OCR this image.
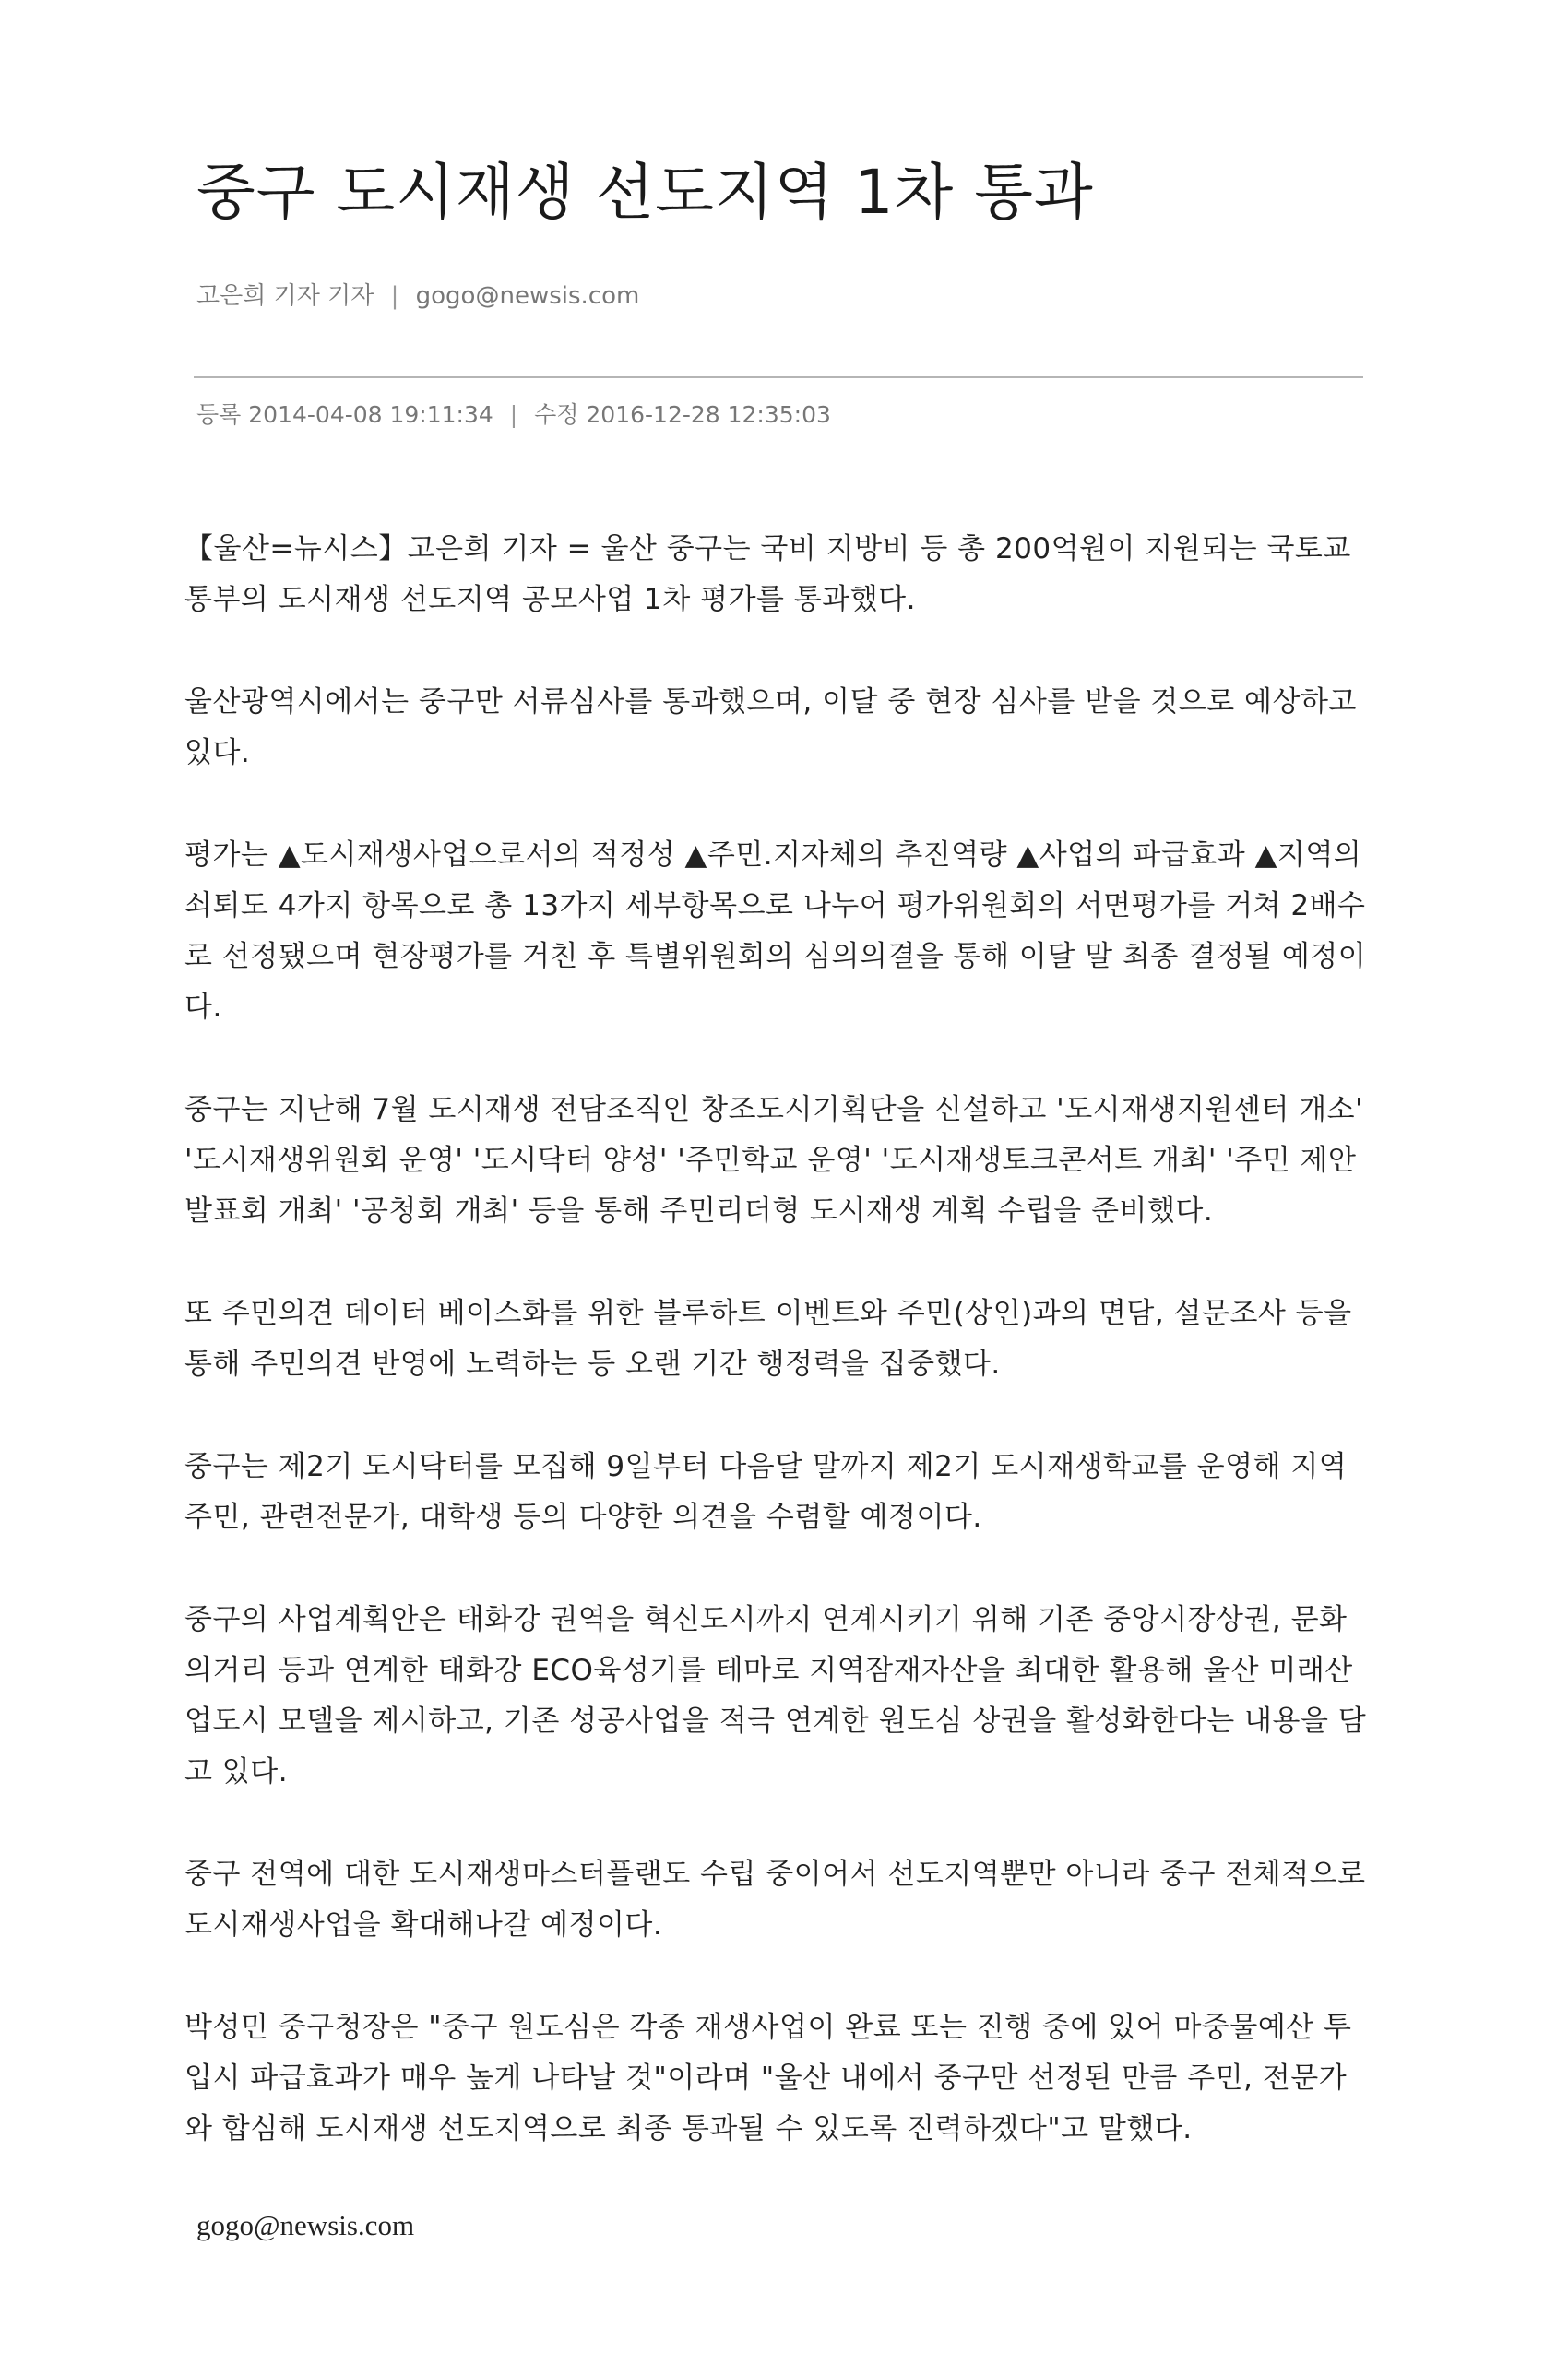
중구 도시재생 선도지역 1차 통과
고은희 기자 기자 | gogo@newsis.com
등록 2014-04-08 19:11:34 | 수정 2016-12-28 12:35:03

【울산=뉴시스】고은희 기자 = 울산 중구는 국비 지방비 등 총 200억원이 지원되는 국토교통부의 도시재생 선도지역 공모사업 1차 평가를 통과했다.

울산광역시에서는 중구만 서류심사를 통과했으며, 이달 중 현장 심사를 받을 것으로 예상하고 있다.

평가는 ▲도시재생사업으로서의 적정성 ▲주민.지자체의 추진역량 ▲사업의 파급효과 ▲지역의 쇠퇴도 4가지 항목으로 총 13가지 세부항목으로 나누어 평가위원회의 서면평가를 거쳐 2배수로 선정됐으며 현장평가를 거친 후 특별위원회의 심의의결을 통해 이달 말 최종 결정될 예정이다.

중구는 지난해 7월 도시재생 전담조직인 창조도시기획단을 신설하고 '도시재생지원센터 개소' '도시재생위원회 운영' '도시닥터 양성' '주민학교 운영' '도시재생토크콘서트 개최' '주민 제안발표회 개최' '공청회 개최' 등을 통해 주민리더형 도시재생 계획 수립을 준비했다.

또 주민의견 데이터 베이스화를 위한 블루하트 이벤트와 주민(상인)과의 면담, 설문조사 등을 통해 주민의견 반영에 노력하는 등 오랜 기간 행정력을 집중했다.

중구는 제2기 도시닥터를 모집해 9일부터 다음달 말까지 제2기 도시재생학교를 운영해 지역주민, 관련전문가, 대학생 등의 다양한 의견을 수렴할 예정이다.

중구의 사업계획안은 태화강 권역을 혁신도시까지 연계시키기 위해 기존 중앙시장상권, 문화의거리 등과 연계한 태화강 ECO육성기를 테마로 지역잠재자산을 최대한 활용해 울산 미래산업도시 모델을 제시하고, 기존 성공사업을 적극 연계한 원도심 상권을 활성화한다는 내용을 담고 있다.

중구 전역에 대한 도시재생마스터플랜도 수립 중이어서 선도지역뿐만 아니라 중구 전체적으로 도시재생사업을 확대해나갈 예정이다.

박성민 중구청장은 "중구 원도심은 각종 재생사업이 완료 또는 진행 중에 있어 마중물예산 투입시 파급효과가 매우 높게 나타날 것"이라며 "울산 내에서 중구만 선정된 만큼 주민, 전문가와 합심해 도시재생 선도지역으로 최종 통과될 수 있도록 진력하겠다"고 말했다.

gogo@newsis.com
